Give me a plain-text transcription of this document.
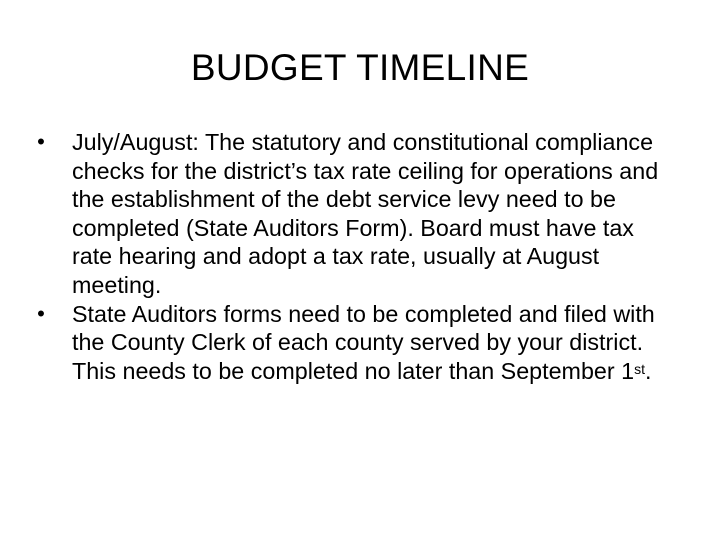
BUDGET TIMELINE
• July/August: The statutory and constitutional compliance checks for the district’s tax rate ceiling for operations and the establishment of the debt service levy need to be completed (State Auditors Form). Board must have tax rate hearing and adopt a tax rate, usually at August meeting.
• State Auditors forms need to be completed and filed with the County Clerk of each county served by your district. This needs to be completed no later than September 1st.
